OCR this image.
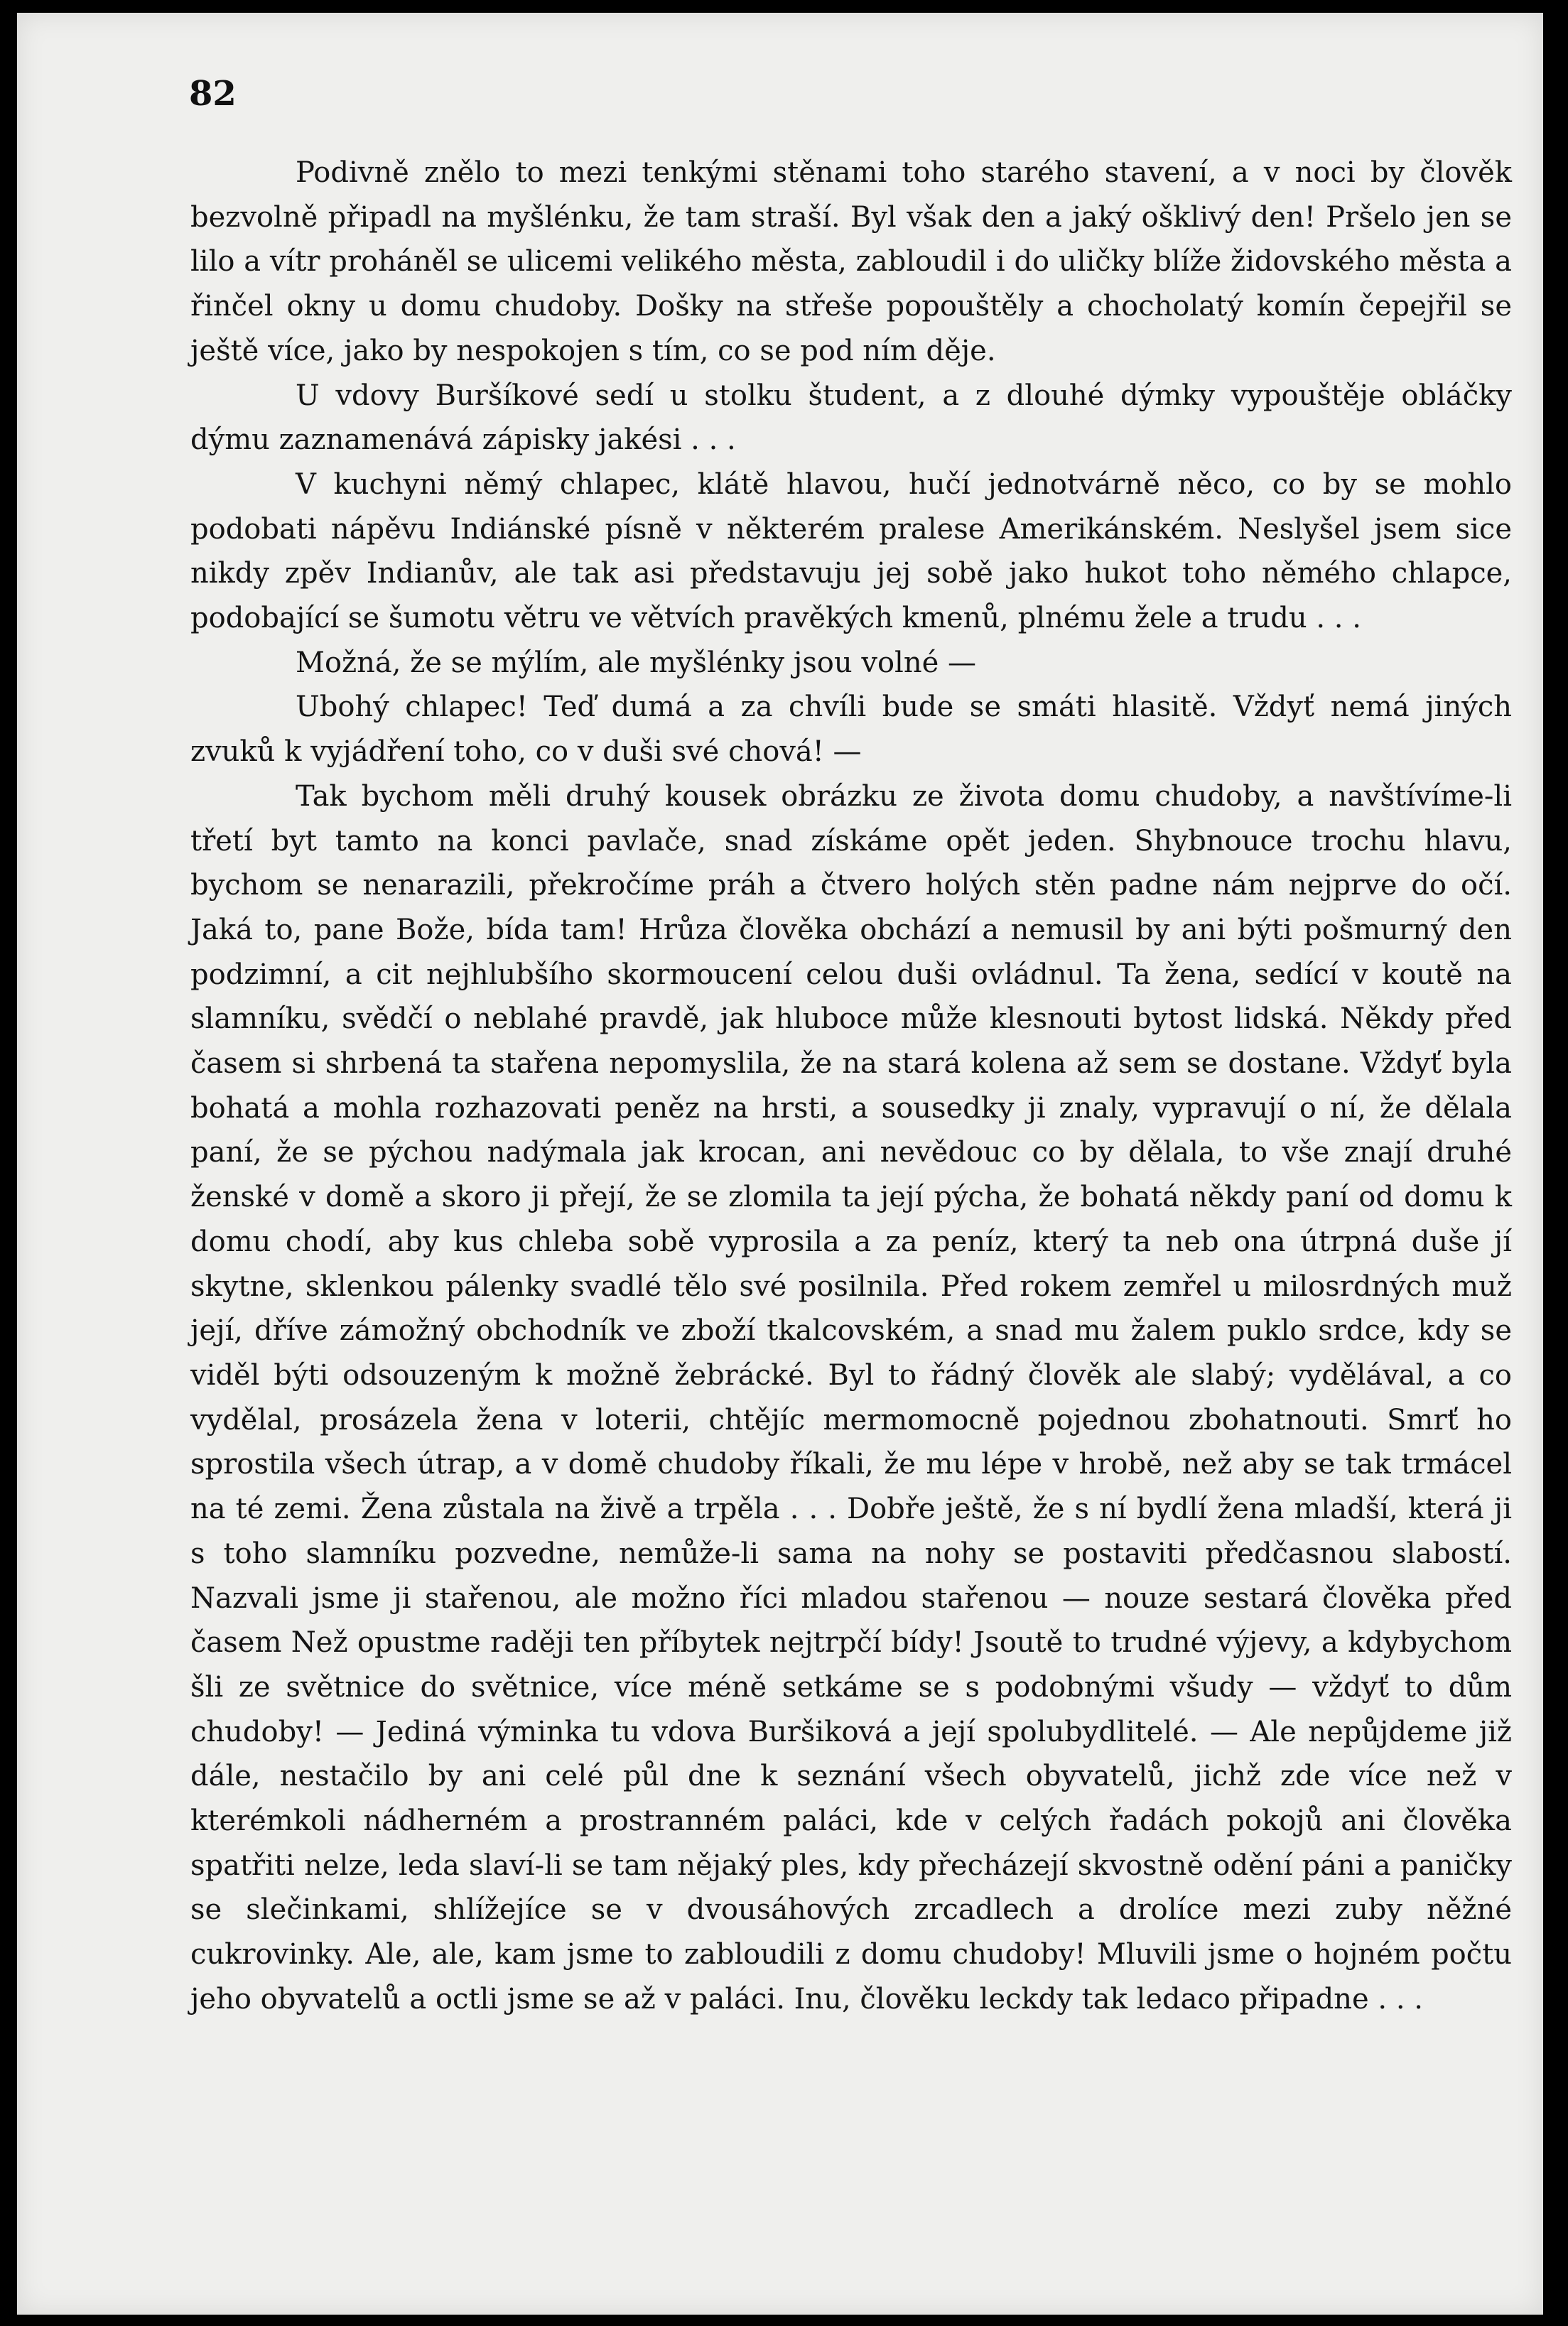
82

Podivně znělo to mezi tenkými stěnami toho starého stavení, a v noci by člověk bezvolně připadl na myšlénku, že tam straší. Byl však den a jaký ošklivý den! Pršelo jen se lilo a vítr proháněl se ulicemi velikého města, zabloudil i do uličky blíže židovského města a řinčel okny u domu chudoby. Došky na střeše popouštěly a chocholatý komín čepejřil se ještě více, jako by nespokojen s tím, co se pod ním děje.

U vdovy Buršíkové sedí u stolku študent, a z dlouhé dýmky vypouštěje obláčky dýmu zaznamenává zápisky jakési . . .

V kuchyni němý chlapec, klátě hlavou, hučí jednotvárně něco, co by se mohlo podobati nápěvu Indiánské písně v některém pralese Amerikánském. Neslyšel jsem sice nikdy zpěv Indianův, ale tak asi představuju jej sobě jako hukot toho němého chlapce, podobající se šumotu větru ve větvích pravěkých kmenů, plnému žele a trudu . . .

Možná, že se mýlím, ale myšlénky jsou volné —

Ubohý chlapec! Teď dumá a za chvíli bude se smáti hlasitě. Vždyť nemá jiných zvuků k vyjádření toho, co v duši své chová! —

Tak bychom měli druhý kousek obrázku ze života domu chudoby, a navštívíme-li třetí byt tamto na konci pavlače, snad získáme opět jeden. Shybnouce trochu hlavu, bychom se nenarazili, překročíme práh a čtvero holých stěn padne nám nejprve do očí. Jaká to, pane Bože, bída tam! Hrůza člověka obchází a nemusil by ani býti pošmurný den podzimní, a cit nejhlubšího skormoucení celou duši ovládnul. Ta žena, sedící v koutě na slamníku, svědčí o neblahé pravdě, jak hluboce může klesnouti bytost lidská. Někdy před časem si shrbená ta stařena nepomyslila, že na stará kolena až sem se dostane. Vždyť byla bohatá a mohla rozhazovati peněz na hrsti, a sousedky ji znaly, vypravují o ní, že dělala paní, že se pýchou nadýmala jak krocan, ani nevědouc co by dělala, to vše znají druhé ženské v domě a skoro ji přejí, že se zlomila ta její pýcha, že bohatá někdy paní od domu k domu chodí, aby kus chleba sobě vyprosila a za peníz, který ta neb ona útrpná duše jí skytne, sklenkou pálenky svadlé tělo své posilnila. Před rokem zemřel u milosrdných muž její, dříve zámožný obchodník ve zboží tkalcovském, a snad mu žalem puklo srdce, kdy se viděl býti odsouzeným k možně žebrácké. Byl to řádný člověk ale slabý; vydělával, a co vydělal, prosázela žena v loterii, chtějíc mermomocně pojednou zbohatnouti. Smrť ho sprostila všech útrap, a v domě chudoby říkali, že mu lépe v hrobě, než aby se tak trmácel na té zemi. Žena zůstala na živě a trpěla . . . Dobře ještě, že s ní bydlí žena mladší, která ji s toho slamníku pozvedne, nemůže-li sama na nohy se postaviti předčasnou slabostí. Nazvali jsme ji stařenou, ale možno říci mladou stařenou — nouze sestará člověka před časem Než opustme raději ten příbytek nejtrpčí bídy! Jsoutě to trudné výjevy, a kdybychom šli ze světnice do světnice, více méně setkáme se s podobnými všudy — vždyť to dům chudoby! — Jediná výminka tu vdova Buršiková a její spolubydlitelé. — Ale nepůjdeme již dále, nestačilo by ani celé půl dne k seznání všech obyvatelů, jichž zde více než v kterémkoli nádherném a prostranném paláci, kde v celých řadách pokojů ani člověka spatřiti nelze, leda slaví-li se tam nějaký ples, kdy přecházejí skvostně odění páni a paničky se slečinkami, shlížejíce se v dvousáhových zrcadlech a drolíce mezi zuby něžné cukrovinky. Ale, ale, kam jsme to zabloudili z domu chudoby! Mluvili jsme o hojném počtu jeho obyvatelů a octli jsme se až v paláci. Inu, člověku leckdy tak ledaco připadne . . .
